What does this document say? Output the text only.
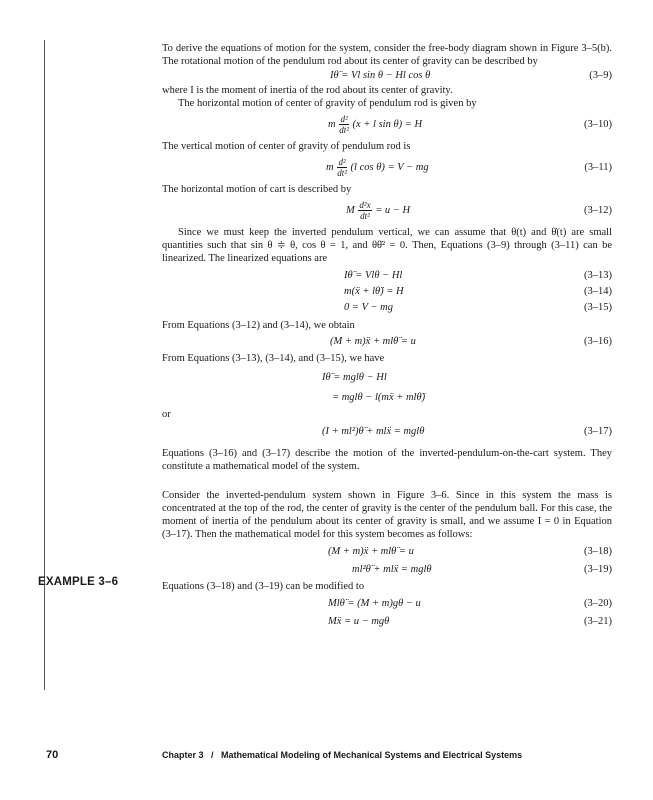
EXAMPLE 3–6

To derive the equations of motion for the system, consider the free-body diagram shown in Figure 3–5(b). The rotational motion of the pendulum rod about its center of gravity can be described by

Iθ̈ = Vl sin θ − Hl cos θ	(3–9)

where I is the moment of inertia of the rod about its center of gravity.

The horizontal motion of center of gravity of pendulum rod is given by

m $\frac{\text{d²}}{\text{dt²}} (x + l$ sin θ) = H	(3–10)

The vertical motion of center of gravity of pendulum rod is

m $\frac{\text{d²}}{\text{dt²}} (l$ cos θ) = V − mg	(3–11)

The horizontal motion of cart is described by

M $\frac{\text{d²x}}{\text{dt²}} = u - H$	(3–12)

Since we must keep the inverted pendulum vertical, we can assume that θ(t) and θ̇(t) are small quantities such that sin θ ≑ θ, cos θ = 1, and θθ̇² = 0. Then, Equations (3–9) through (3–11) can be linearized. The linearized equations are

Iθ̈ = Vlθ − Hl	(3–13)
m(ẍ + lθ̈) = H	(3–14)
0 = V − mg	(3–15)

From Equations (3–12) and (3–14), we obtain

(M + m)ẍ + mlθ̈ = u	(3–16)

From Equations (3–13), (3–14), and (3–15), we have

Iθ̈ = mglθ − Hl
= mglθ − l(mẍ + mlθ̈)

or

(I + ml²)θ̈ + mlẍ = mglθ	(3–17)

Equations (3–16) and (3–17) describe the motion of the inverted-pendulum-on-the-cart system. They constitute a mathematical model of the system.

Consider the inverted-pendulum system shown in Figure 3–6. Since in this system the mass is concentrated at the top of the rod, the center of gravity is the center of the pendulum ball. For this case, the moment of inertia of the pendulum about its center of gravity is small, and we assume I = 0 in Equation (3–17). Then the mathematical model for this system becomes as follows:

(M + m)ẍ + mlθ̈ = u	(3–18)
ml²θ̈ + mlẍ = mglθ	(3–19)

Equations (3–18) and (3–19) can be modified to

Mlθ̈ = (M + m)gθ − u	(3–20)
Mẍ = u − mgθ	(3–21)
70	Chapter 3   /   Mathematical Modeling of Mechanical Systems and Electrical Systems
